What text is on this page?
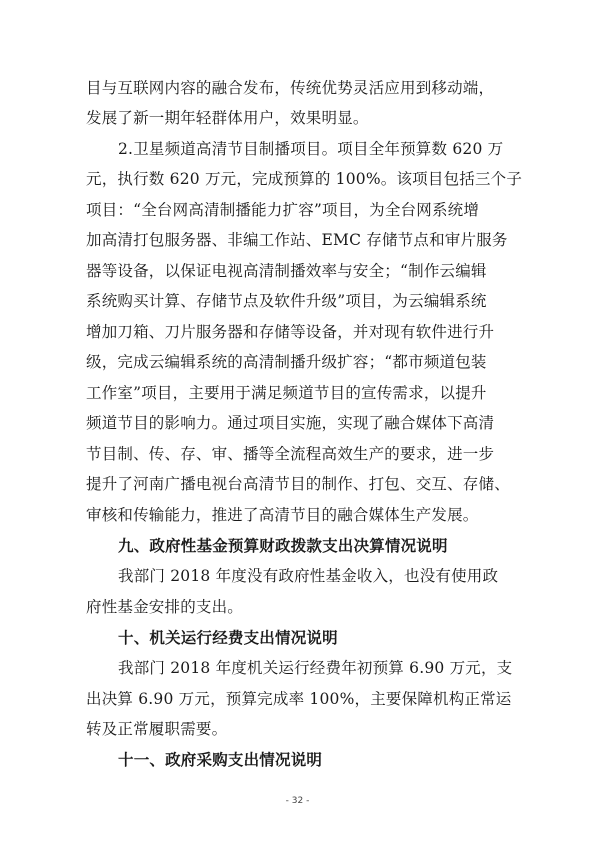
目与互联网内容的融合发布，传统优势灵活应用到移动端，
发展了新一期年轻群体用户，效果明显。
2.卫星频道高清节目制播项目。项目全年预算数 620 万
元，执行数 620 万元，完成预算的 100%。该项目包括三个子
项目：“全台网高清制播能力扩容”项目，为全台网系统增
加高清打包服务器、非编工作站、EMC 存储节点和审片服务
器等设备，以保证电视高清制播效率与安全；“制作云编辑
系统购买计算、存储节点及软件升级”项目，为云编辑系统
增加刀箱、刀片服务器和存储等设备，并对现有软件进行升
级，完成云编辑系统的高清制播升级扩容；“都市频道包装
工作室”项目，主要用于满足频道节目的宣传需求，以提升
频道节目的影响力。通过项目实施，实现了融合媒体下高清
节目制、传、存、审、播等全流程高效生产的要求，进一步
提升了河南广播电视台高清节目的制作、打包、交互、存储、
审核和传输能力，推进了高清节目的融合媒体生产发展。
九、政府性基金预算财政拨款支出决算情况说明
我部门 2018 年度没有政府性基金收入，也没有使用政
府性基金安排的支出。
十、机关运行经费支出情况说明
我部门 2018 年度机关运行经费年初预算 6.90 万元，支
出决算 6.90 万元，预算完成率 100%，主要保障机构正常运
转及正常履职需要。
十一、政府采购支出情况说明
- 32 -
